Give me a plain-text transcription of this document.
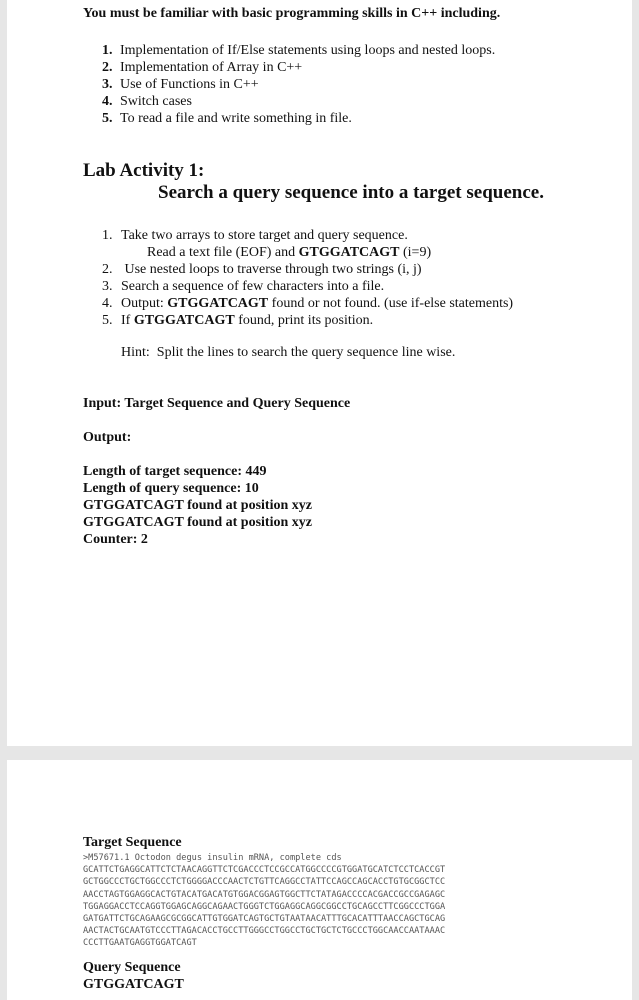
You must be familiar with basic programming skills in C++ including.
1. Implementation of If/Else statements using loops and nested loops.
2. Implementation of Array in C++
3. Use of Functions in C++
4. Switch cases
5. To read a file and write something in file.
Lab Activity 1:
Search a query sequence into a target sequence.
1. Take two arrays to store target and query sequence.
Read a text file (EOF) and GTGGATCAGT (i=9)
2. Use nested loops to traverse through two strings (i, j)
3. Search a sequence of few characters into a file.
4. Output: GTGGATCAGT found or not found. (use if-else statements)
5. If GTGGATCAGT found, print its position.
Hint:  Split the lines to search the query sequence line wise.
Input: Target Sequence and Query Sequence
Output:
Length of target sequence: 449
Length of query sequence: 10
GTGGATCAGT found at position xyz
GTGGATCAGT found at position xyz
Counter: 2
Target Sequence
>M57671.1 Octodon degus insulin mRNA, complete cds
GCATTCTGAGGCATTCTCTAACAGGTTCTCGACCCTCCGCCATGGCCCCGTGGATGCATCTCCTCACCGT
GCTGGCCCTGCTGGCCCTCTGGGGACCCAACTCTGTTCAGGCCTATTCCAGCCAGCACCTGTGCGGCTCC
AACCTAGTGGAGGCACTGTACATGACATGTGGACGGAGTGGCTTCTATAGACCCCACGACCGCCGAGAGC
TGGAGGACCTCCAGGTGGAGCAGGCAGAACTGGGTCTGGAGGCAGGCGGCCTGCAGCCTTCGGCCCTGGA
GATGATTCTGCAGAAGCGCGGCATTGTGGATCAGTGCTGTAATAACATTTGCACATTTAACCAGCTGCAG
AACTACTGCAATGTCCCTTAGACACCTGCCTTGGGCCTGGCCTGCTGCTCTGCCCTGGCAACCAATAAAC
CCCTTGAATGAGGTGGATCAGT
Query Sequence
GTGGATCAGT
